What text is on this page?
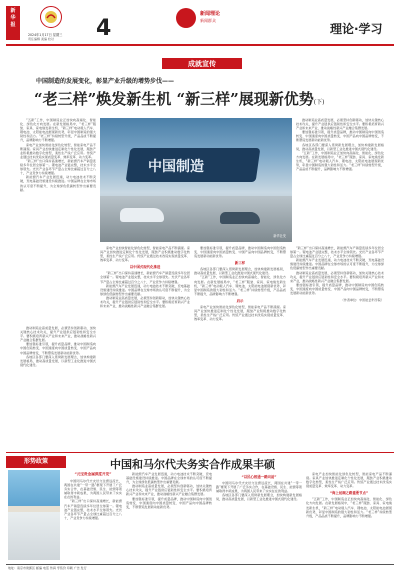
新
华
报
2024年1月17日 星期三
责任编辑 美编 校对 4
新闻理论
新闻群众
理论·学习
成就宣传
中国制造的发展变化，彰显产业升级的增势步伐——
“老三样”焕发新生机 “新三样”展现新优势(下)

“五新”工作，中国制造业正加快向高端化、智能化、绿色化方向发展。在新发展格局中，“老三样”服装、家具、家电焕发新生机，“新三样”电动载人汽车、锂电池、太阳能电池展现新优势，彰显中国制造的强大韧性和活力。“老三样”持续转型升级，产品品质不断提升，品牌影响力不断增强。

家电产业加快智能化绿色化转型，智能家电产品不断涌现。家具产业加快推进定制化个性化发展，服装产业积极推动数字化转型，柔性生产线广泛应用。传统产业通过技术改造实现质量变革、效率变革、动力变革。

“新三样”出口保持高速增长，新能源汽车产销量连续多年位居全球第一。锂电池产业链完整，技术水平全球领先。光伏产业各环节产量占全球比重超过百分之八十，产业竞争力持续增强。

新能源汽车产业发展迅速，动力电池技术不断突破，充电基础设施建设持续推进。中国品牌在全球市场的认可度不断提升，为全球绿色低碳转型作出重要贡献。

中国制造
新华社发

推动制造业高质量发展，必须坚持创新驱动，加快关键核心技术攻关，提升产业链供应链韧性和安全水平。要积极培育新兴产业和未来产业，推动战略性新兴产业融合集群发展。

要加强标准引领，提升质量品牌，推动中国制造向中国创造转变、中国速度向中国质量转变、中国产品向中国品牌转变，不断塑造发展新动能新优势。

各地区各部门要深入贯彻新发展理念，加快构建新发展格局，推动高质量发展，以新型工业化推进中国式现代化建设。

“五新”工作，中国制造业正加快向高端化、智能化、绿色化方向发展。在新发展格局中，“老三样”服装、家具、家电焕发新生机，“新三样”电动载人汽车、锂电池、太阳能电池展现新优势，彰显中国制造的强大韧性和活力。“老三样”持续转型升级，产品品质不断提升，品牌影响力不断增强。

家电产业加快智能化绿色化转型，智能家电产品不断涌现。家具产业加快推进定制化个性化发展，服装产业积极推动数字化转型，柔性生产线广泛应用。传统产业通过技术改造实现质量变革、效率变革、动力变革。

以中国式现代化推进

“新三样”出口保持高速增长，新能源汽车产销量连续多年位居全球第一。锂电池产业链完整，技术水平全球领先。光伏产业各环节产量占全球比重超过百分之八十，产业竞争力持续增强。

新能源汽车产业发展迅速，动力电池技术不断突破，充电基础设施建设持续推进。中国品牌在全球市场的认可度不断提升，为全球绿色低碳转型作出重要贡献。

推动制造业高质量发展，必须坚持创新驱动，加快关键核心技术攻关，提升产业链供应链韧性和安全水平。要积极培育新兴产业和未来产业，推动战略性新兴产业融合集群发展。

要加强标准引领，提升质量品牌，推动中国制造向中国创造转变、中国速度向中国质量转变、中国产品向中国品牌转变，不断塑造发展新动能新优势。

新三样

各地区各部门要深入贯彻新发展理念，加快构建新发展格局，推动高质量发展，以新型工业化推进中国式现代化建设。

“五新”工作，中国制造业正加快向高端化、智能化、绿色化方向发展。在新发展格局中，“老三样”服装、家具、家电焕发新生机，“新三样”电动载人汽车、锂电池、太阳能电池展现新优势，彰显中国制造的强大韧性和活力。“老三样”持续转型升级，产品品质不断提升，品牌影响力不断增强。

启示

家电产业加快智能化绿色化转型，智能家电产品不断涌现。家具产业加快推进定制化个性化发展，服装产业积极推动数字化转型，柔性生产线广泛应用。传统产业通过技术改造实现质量变革、效率变革、动力变革。

“新三样”出口保持高速增长，新能源汽车产销量连续多年位居全球第一。锂电池产业链完整，技术水平全球领先。光伏产业各环节产量占全球比重超过百分之八十，产业竞争力持续增强。

新能源汽车产业发展迅速，动力电池技术不断突破，充电基础设施建设持续推进。中国品牌在全球市场的认可度不断提升，为全球绿色低碳转型作出重要贡献。

推动制造业高质量发展，必须坚持创新驱动，加快关键核心技术攻关，提升产业链供应链韧性和安全水平。要积极培育新兴产业和未来产业，推动战略性新兴产业融合集群发展。

要加强标准引领，提升质量品牌，推动中国制造向中国创造转变、中国速度向中国质量转变、中国产品向中国品牌转变，不断塑造发展新动能新优势。

（作者单位：中国社会科学院）

推动制造业高质量发展，必须坚持创新驱动，加快关键核心技术攻关，提升产业链供应链韧性和安全水平。要积极培育新兴产业和未来产业，推动战略性新兴产业融合集群发展。

要加强标准引领，提升质量品牌，推动中国制造向中国创造转变、中国速度向中国质量转变、中国产品向中国品牌转变，不断塑造发展新动能新优势。

各地区各部门要深入贯彻新发展理念，加快构建新发展格局，推动高质量发展，以新型工业化推进中国式现代化建设。

形势政策	中国和马尔代夫务实合作成果丰硕
“元宝贵金属深度开发”

中国同马尔代夫友好交往源远流长，两国在共建“一带一路”框架下开展了广泛务实合作，在基础设施、民生、能源等领域取得丰硕成果，为两国人民带来了实实在在的利益。

“新三样”出口保持高速增长，新能源汽车产销量连续多年位居全球第一。锂电池产业链完整，技术水平全球领先。光伏产业各环节产量占全球比重超过百分之八十，产业竞争力持续增强。

新能源汽车产业发展迅速，动力电池技术不断突破，充电基础设施建设持续推进。中国品牌在全球市场的认可度不断提升，为全球绿色低碳转型作出重要贡献。

推动制造业高质量发展，必须坚持创新驱动，加快关键核心技术攻关，提升产业链供应链韧性和安全水平。要积极培育新兴产业和未来产业，推动战略性新兴产业融合集群发展。

要加强标准引领，提升质量品牌，推动中国制造向中国创造转变、中国速度向中国质量转变、中国产品向中国品牌转变，不断塑造发展新动能新优势。

“以民心相通一路向前”

中国同马尔代夫友好交往源远流长，两国在共建“一带一路”框架下开展了广泛务实合作，在基础设施、民生、能源等领域取得丰硕成果，为两国人民带来了实实在在的利益。

各地区各部门要深入贯彻新发展理念，加快构建新发展格局，推动高质量发展，以新型工业化推进中国式现代化建设。

家电产业加快智能化绿色化转型，智能家电产品不断涌现。家具产业加快推进定制化个性化发展，服装产业积极推动数字化转型，柔性生产线广泛应用。传统产业通过技术改造实现质量变革、效率变革、动力变革。

“海上丝绸之路重要节点”

“五新”工作，中国制造业正加快向高端化、智能化、绿色化方向发展。在新发展格局中，“老三样”服装、家具、家电焕发新生机，“新三样”电动载人汽车、锂电池、太阳能电池展现新优势，彰显中国制造的强大韧性和活力。“老三样”持续转型升级，产品品质不断提升，品牌影响力不断增强。

地址：南京市建邺区 邮编 电话 传真 零售价 印刷 广告 发行
